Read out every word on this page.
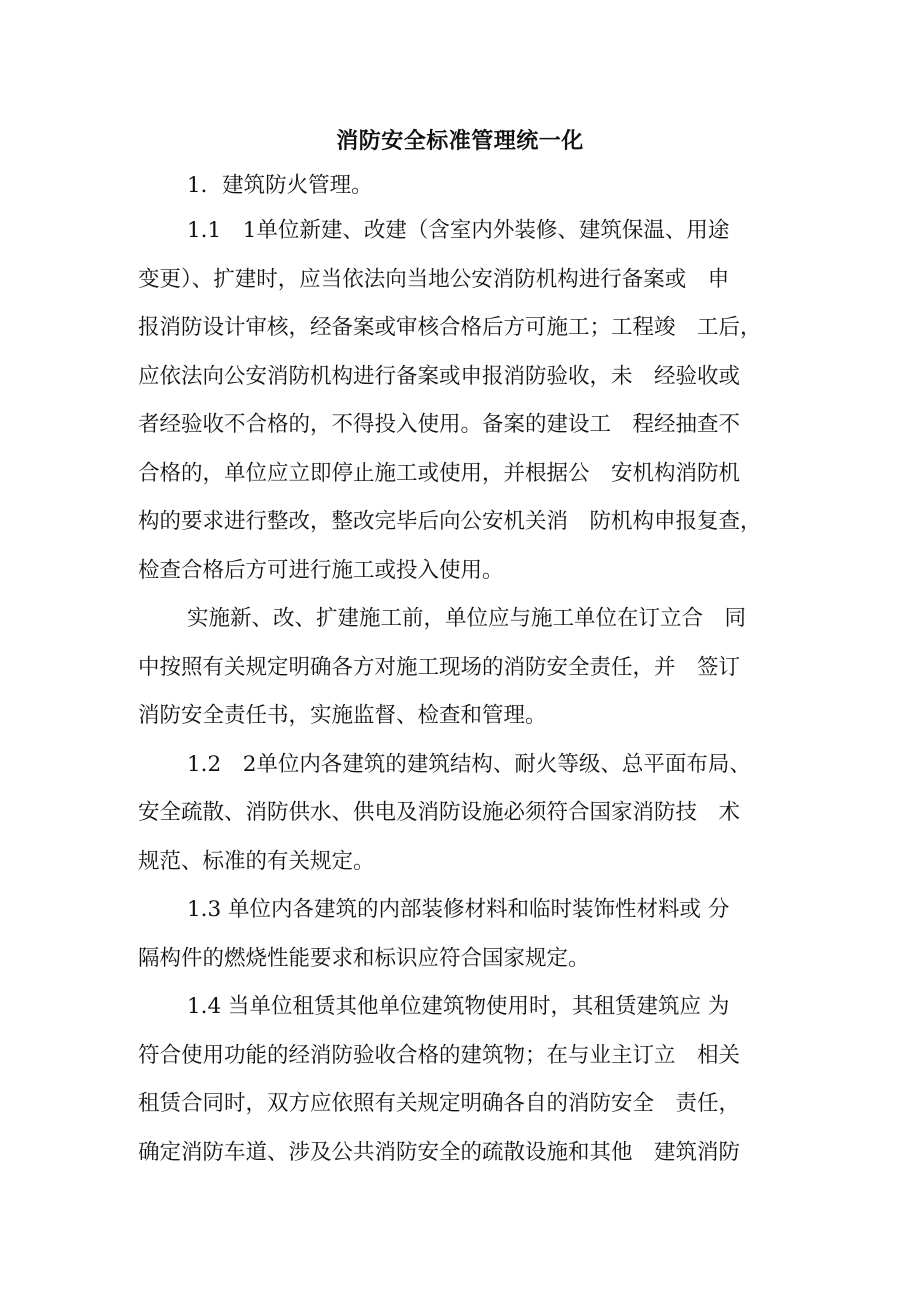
消防安全标准管理统一化
1．建筑防火管理。
1.1　1单位新建、改建（含室内外装修、建筑保温、用途
变更）、扩建时，应当依法向当地公安消防机构进行备案或　申
报消防设计审核，经备案或审核合格后方可施工；工程竣　工后，
应依法向公安消防机构进行备案或申报消防验收，未　经验收或
者经验收不合格的，不得投入使用。备案的建设工　程经抽查不
合格的，单位应立即停止施工或使用，并根据公　安机构消防机
构的要求进行整改，整改完毕后向公安机关消　防机构申报复查，
检查合格后方可进行施工或投入使用。
实施新、改、扩建施工前，单位应与施工单位在订立合　同
中按照有关规定明确各方对施工现场的消防安全责任，并　签订
消防安全责任书，实施监督、检查和管理。
1.2　2单位内各建筑的建筑结构、耐火等级、总平面布局、
安全疏散、消防供水、供电及消防设施必须符合国家消防技　术
规范、标准的有关规定。
1.3 单位内各建筑的内部装修材料和临时装饰性材料或 分
隔构件的燃烧性能要求和标识应符合国家规定。
1.4 当单位租赁其他单位建筑物使用时，其租赁建筑应 为
符合使用功能的经消防验收合格的建筑物；在与业主订立　相关
租赁合同时，双方应依照有关规定明确各自的消防安全　责任，
确定消防车道、涉及公共消防安全的疏散设施和其他　建筑消防
